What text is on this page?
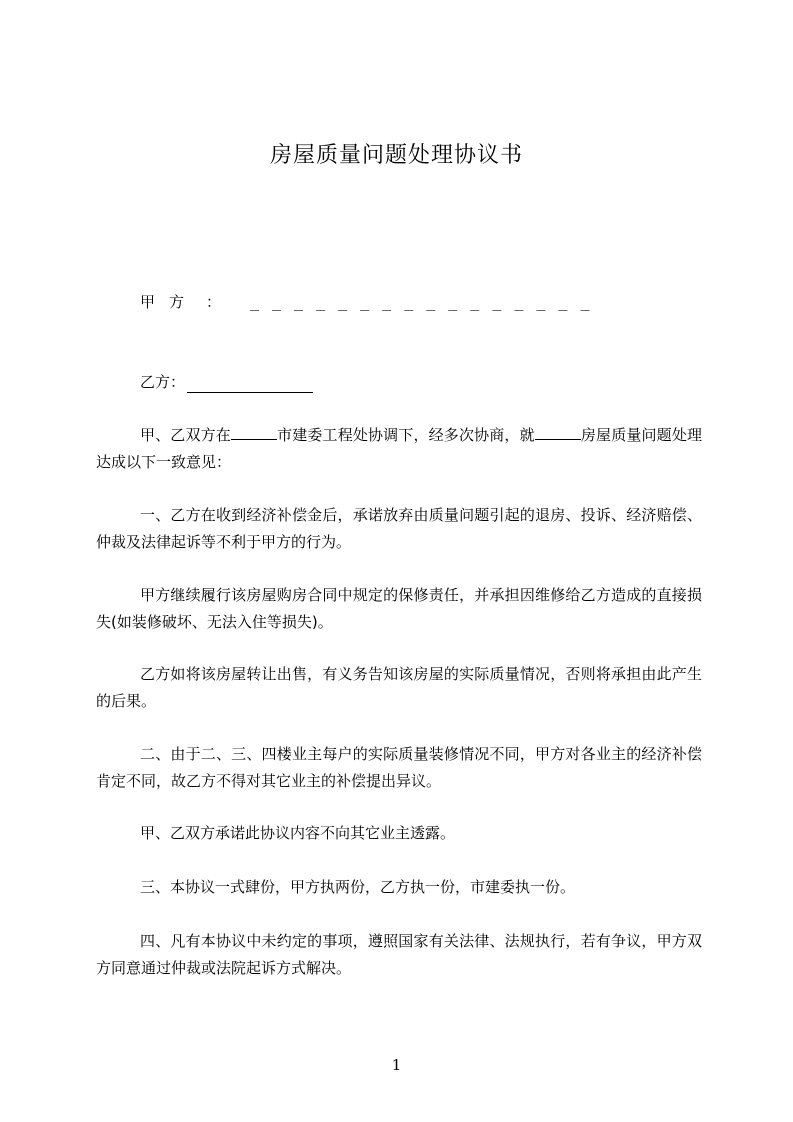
房屋质量问题处理协议书
甲方 ： ________________
乙方：
甲、乙双方在	市建委工程处协调下，经多次协商，就	房屋质量问题处理达成以下一致意见：
一、乙方在收到经济补偿金后，承诺放弃由质量问题引起的退房、投诉、经济赔偿、仲裁及法律起诉等不利于甲方的行为。
甲方继续履行该房屋购房合同中规定的保修责任，并承担因维修给乙方造成的直接损失(如装修破坏、无法入住等损失)。
乙方如将该房屋转让出售，有义务告知该房屋的实际质量情况，否则将承担由此产生的后果。
二、由于二、三、四楼业主每户的实际质量装修情况不同，甲方对各业主的经济补偿肯定不同，故乙方不得对其它业主的补偿提出异议。
甲、乙双方承诺此协议内容不向其它业主透露。
三、本协议一式肆份，甲方执两份，乙方执一份，市建委执一份。
四、凡有本协议中未约定的事项，遵照国家有关法律、法规执行，若有争议，甲方双方同意通过仲裁或法院起诉方式解决。
1
